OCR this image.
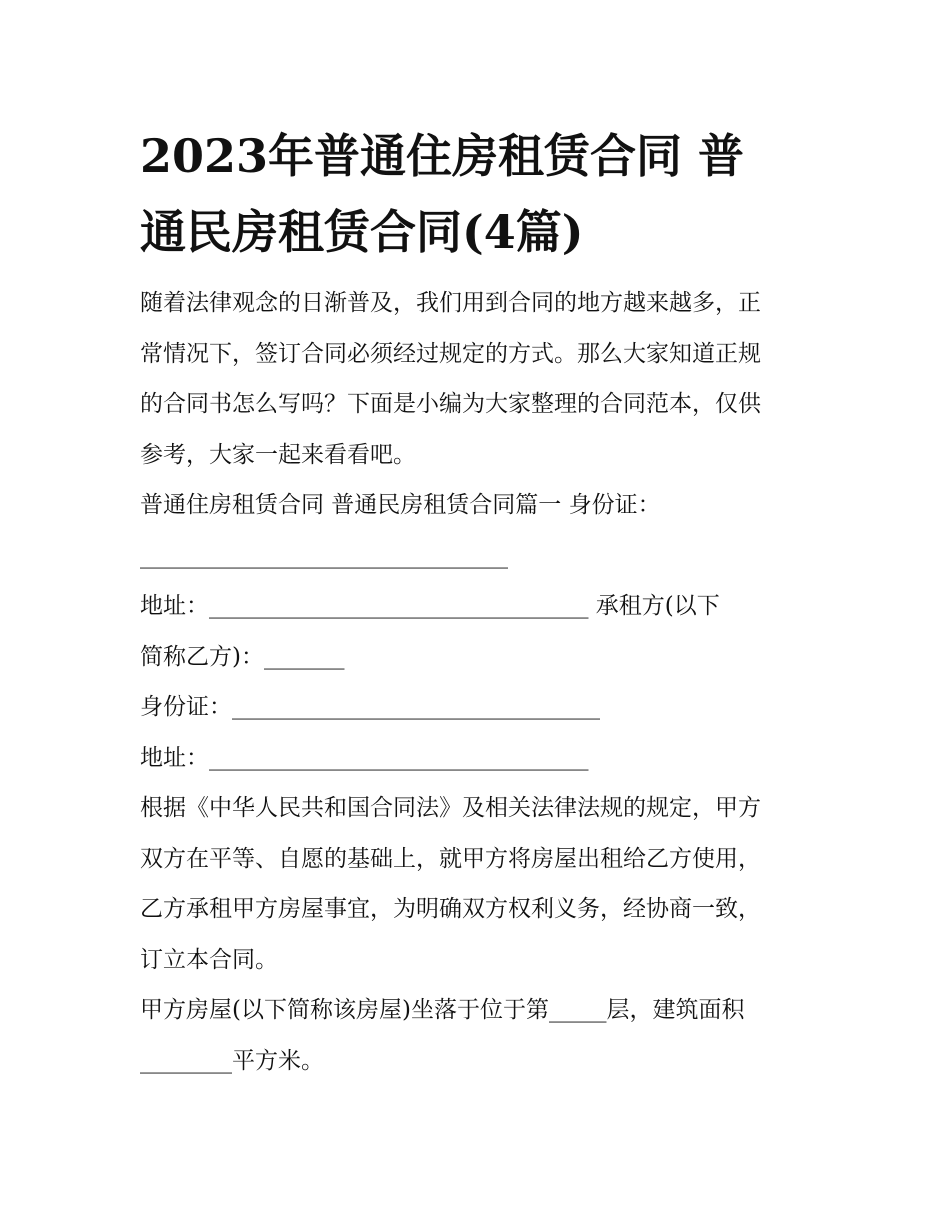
2023年普通住房租赁合同 普
通民房租赁合同(4篇)
随着法律观念的日渐普及，我们用到合同的地方越来越多，正
常情况下，签订合同必须经过规定的方式。那么大家知道正规
的合同书怎么写吗？下面是小编为大家整理的合同范本，仅供
参考，大家一起来看看吧。
普通住房租赁合同 普通民房租赁合同篇一 身份证：
________________________________
地址：_________________________________ 承租方(以下
简称乙方)：_______
身份证：________________________________
地址：_________________________________
根据《中华人民共和国合同法》及相关法律法规的规定，甲方
双方在平等、自愿的基础上，就甲方将房屋出租给乙方使用，
乙方承租甲方房屋事宜，为明确双方权利义务，经协商一致，
订立本合同。
甲方房屋(以下简称该房屋)坐落于位于第_____层，建筑面积
________平方米。
